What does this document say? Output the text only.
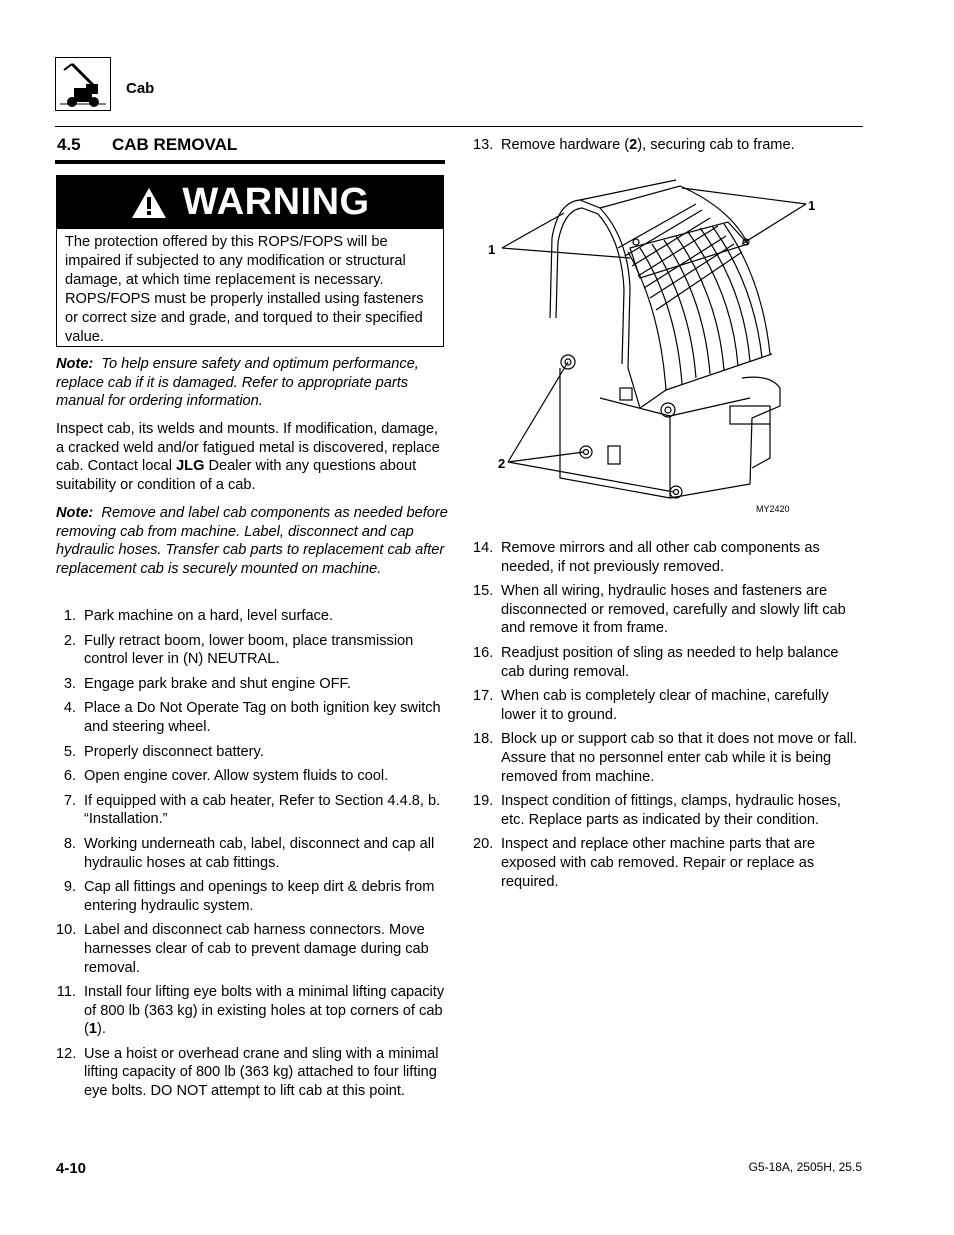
Cab
4.5 CAB REMOVAL
WARNING
The protection offered by this ROPS/FOPS will be impaired if subjected to any modification or structural damage, at which time replacement is necessary. ROPS/FOPS must be properly installed using fasteners or correct size and grade, and torqued to their specified value.
Note: To help ensure safety and optimum performance, replace cab if it is damaged. Refer to appropriate parts manual for ordering information.
Inspect cab, its welds and mounts. If modification, damage, a cracked weld and/or fatigued metal is discovered, replace cab. Contact local JLG Dealer with any questions about suitability or condition of a cab.
Note: Remove and label cab components as needed before removing cab from machine. Label, disconnect and cap hydraulic hoses. Transfer cab parts to replacement cab after replacement cab is securely mounted on machine.
1. Park machine on a hard, level surface.
2. Fully retract boom, lower boom, place transmission control lever in (N) NEUTRAL.
3. Engage park brake and shut engine OFF.
4. Place a Do Not Operate Tag on both ignition key switch and steering wheel.
5. Properly disconnect battery.
6. Open engine cover. Allow system fluids to cool.
7. If equipped with a cab heater, Refer to Section 4.4.8, b. “Installation.”
8. Working underneath cab, label, disconnect and cap all hydraulic hoses at cab fittings.
9. Cap all fittings and openings to keep dirt & debris from entering hydraulic system.
10. Label and disconnect cab harness connectors. Move harnesses clear of cab to prevent damage during cab removal.
11. Install four lifting eye bolts with a minimal lifting capacity of 800 lb (363 kg) in existing holes at top corners of cab (1).
12. Use a hoist or overhead crane and sling with a minimal lifting capacity of 800 lb (363 kg) attached to four lifting eye bolts. DO NOT attempt to lift cab at this point.
13. Remove hardware (2), securing cab to frame.
1
1
2
MY2420
14. Remove mirrors and all other cab components as needed, if not previously removed.
15. When all wiring, hydraulic hoses and fasteners are disconnected or removed, carefully and slowly lift cab and remove it from frame.
16. Readjust position of sling as needed to help balance cab during removal.
17. When cab is completely clear of machine, carefully lower it to ground.
18. Block up or support cab so that it does not move or fall. Assure that no personnel enter cab while it is being removed from machine.
19. Inspect condition of fittings, clamps, hydraulic hoses, etc. Replace parts as indicated by their condition.
20. Inspect and replace other machine parts that are exposed with cab removed. Repair or replace as required.
4-10	G5-18A, 2505H, 25.5
